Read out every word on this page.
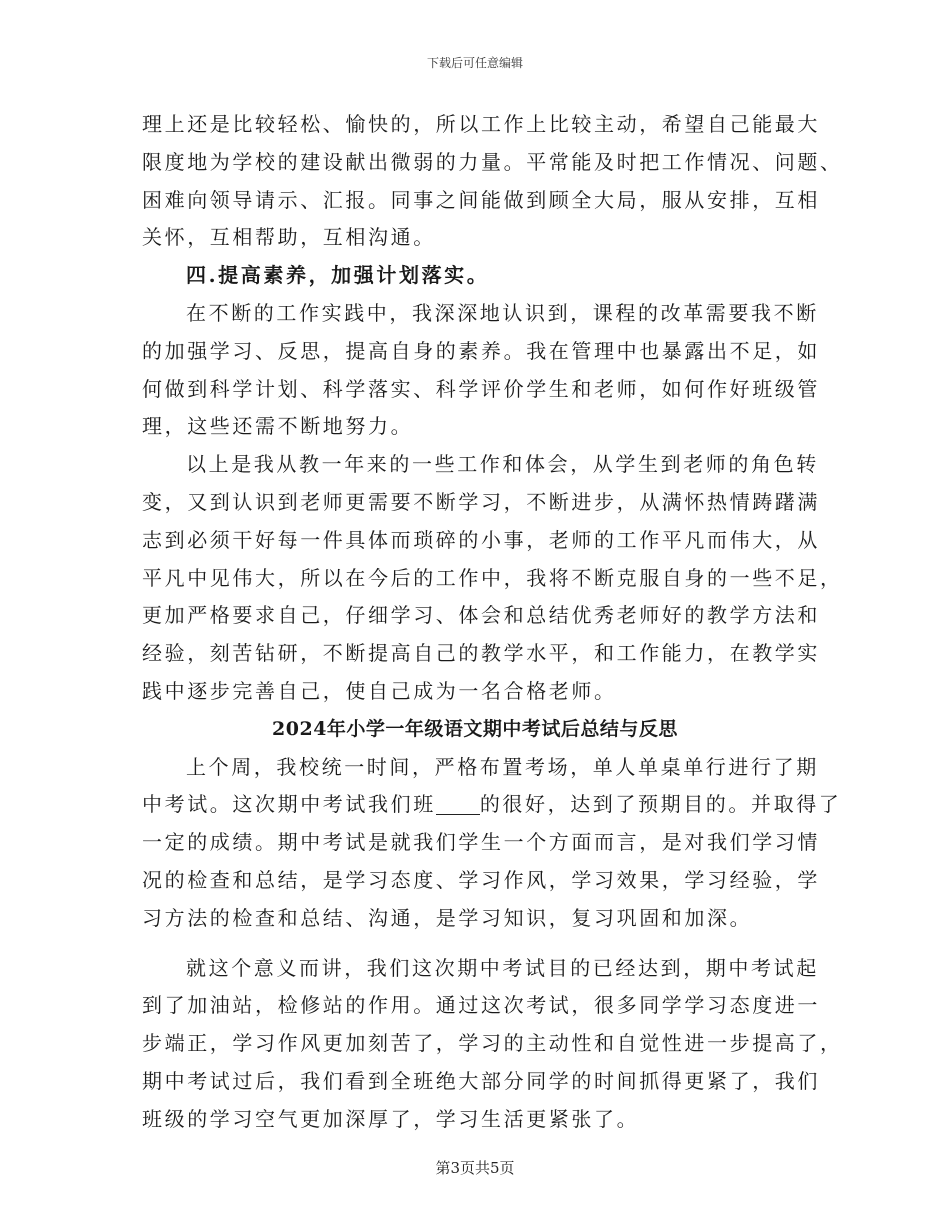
下载后可任意编辑
理上还是比较轻松、愉快的，所以工作上比较主动，希望自己能最大
限度地为学校的建设献出微弱的力量。平常能及时把工作情况、问题、
困难向领导请示、汇报。同事之间能做到顾全大局，服从安排，互相
关怀，互相帮助，互相沟通。
四.提高素养，加强计划落实。
在不断的工作实践中，我深深地认识到，课程的改革需要我不断
的加强学习、反思，提高自身的素养。我在管理中也暴露出不足，如
何做到科学计划、科学落实、科学评价学生和老师，如何作好班级管
理，这些还需不断地努力。
以上是我从教一年来的一些工作和体会，从学生到老师的角色转
变，又到认识到老师更需要不断学习，不断进步，从满怀热情踌躇满
志到必须干好每一件具体而琐碎的小事，老师的工作平凡而伟大，从
平凡中见伟大，所以在今后的工作中，我将不断克服自身的一些不足，
更加严格要求自己，仔细学习、体会和总结优秀老师好的教学方法和
经验，刻苦钻研，不断提高自己的教学水平，和工作能力，在教学实
践中逐步完善自己，使自己成为一名合格老师。
2024年小学一年级语文期中考试后总结与反思
上个周，我校统一时间，严格布置考场，单人单桌单行进行了期
中考试。这次期中考试我们班 的很好，达到了预期目的。并取得了
一定的成绩。期中考试是就我们学生一个方面而言，是对我们学习情
况的检查和总结，是学习态度、学习作风，学习效果，学习经验，学
习方法的检查和总结、沟通，是学习知识，复习巩固和加深。
就这个意义而讲，我们这次期中考试目的已经达到，期中考试起
到了加油站，检修站的作用。通过这次考试，很多同学学习态度进一
步端正，学习作风更加刻苦了，学习的主动性和自觉性进一步提高了，
期中考试过后，我们看到全班绝大部分同学的时间抓得更紧了，我们
班级的学习空气更加深厚了，学习生活更紧张了。
第3页共5页
